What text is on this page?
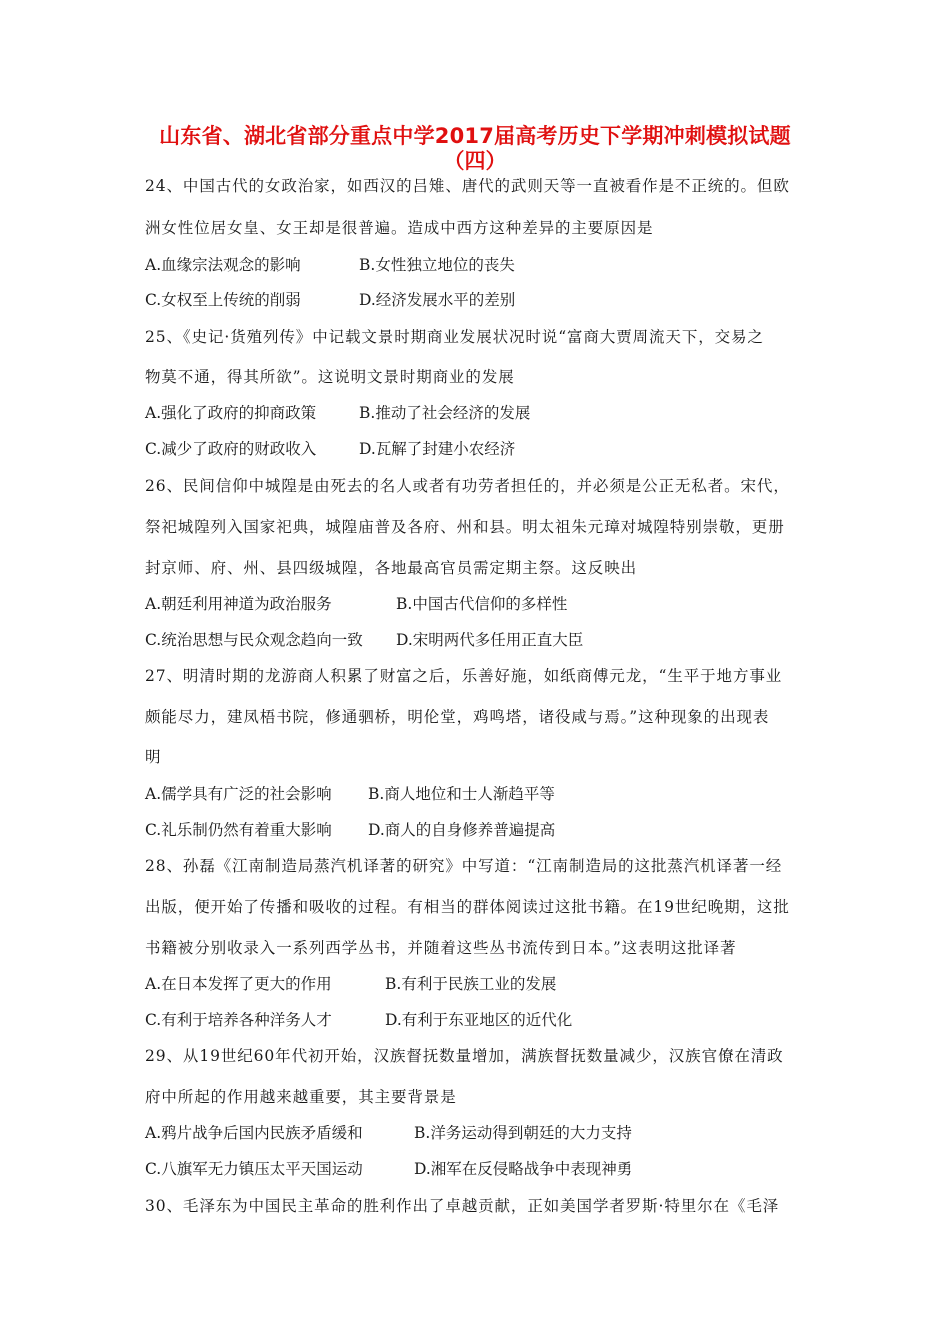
山东省、湖北省部分重点中学2017届高考历史下学期冲刺模拟试题
（四）
24、中国古代的女政治家，如西汉的吕雉、唐代的武则天等一直被看作是不正统的。但欧
洲女性位居女皇、女王却是很普遍。造成中西方这种差异的主要原因是
A.血缘宗法观念的影响	B.女性独立地位的丧失
C.女权至上传统的削弱	D.经济发展水平的差别
25、《史记·货殖列传》中记载文景时期商业发展状况时说“富商大贾周流天下，交易之
物莫不通，得其所欲”。这说明文景时期商业的发展
A.强化了政府的抑商政策	B.推动了社会经济的发展
C.减少了政府的财政收入	D.瓦解了封建小农经济
26、民间信仰中城隍是由死去的名人或者有功劳者担任的，并必须是公正无私者。宋代，
祭祀城隍列入国家祀典，城隍庙普及各府、州和县。明太祖朱元璋对城隍特别崇敬，更册
封京师、府、州、县四级城隍，各地最高官员需定期主祭。这反映出
A.朝廷利用神道为政治服务	B.中国古代信仰的多样性
C.统治思想与民众观念趋向一致 D.宋明两代多任用正直大臣
27、明清时期的龙游商人积累了财富之后，乐善好施，如纸商傅元龙，“生平于地方事业
颇能尽力，建凤梧书院，修通驷桥，明伦堂，鸡鸣塔，诸役咸与焉。”这种现象的出现表
明
A.儒学具有广泛的社会影响 B.商人地位和士人渐趋平等
C.礼乐制仍然有着重大影响 D.商人的自身修养普遍提高
28、孙磊《江南制造局蒸汽机译著的研究》中写道：“江南制造局的这批蒸汽机译著一经
出版，便开始了传播和吸收的过程。有相当的群体阅读过这批书籍。在19世纪晚期，这批
书籍被分别收录入一系列西学丛书，并随着这些丛书流传到日本。”这表明这批译著
A.在日本发挥了更大的作用	B.有利于民族工业的发展
C.有利于培养各种洋务人才	D.有利于东亚地区的近代化
29、从19世纪60年代初开始，汉族督抚数量增加，满族督抚数量减少，汉族官僚在清政
府中所起的作用越来越重要，其主要背景是
A.鸦片战争后国内民族矛盾缓和	B.洋务运动得到朝廷的大力支持
C.八旗军无力镇压太平天国运动	D.湘军在反侵略战争中表现神勇
30、毛泽东为中国民主革命的胜利作出了卓越贡献，正如美国学者罗斯·特里尔在《毛泽
